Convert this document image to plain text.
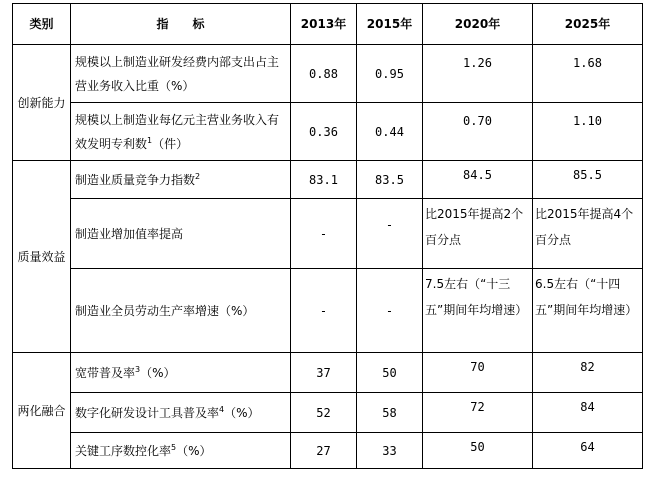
类别	指　　标	2013年	2015年	2020年	2025年
创新能力	规模以上制造业研发经费内部支出占主营业务收入比重（%）	0.88	0.95	1.26	1.68
	规模以上制造业每亿元主营业务收入有效发明专利数$^1$（件）	0.36	0.44	0.70	1.10
质量效益	制造业质量竞争力指数$^2$	83.1	83.5	84.5	85.5
	制造业增加值率提高	-	-	比2015年提高2个百分点	比2015年提高4个百分点
	制造业全员劳动生产率增速（%）	-	-	7.5左右（“十三五”期间年均增速）	6.5左右（“十四五”期间年均增速）
两化融合	宽带普及率$^3$（%）	37	50	70	82
	数字化研发设计工具普及率$^4$（%）	52	58	72	84
	关键工序数控化率$^5$（%）	27	33	50	64
